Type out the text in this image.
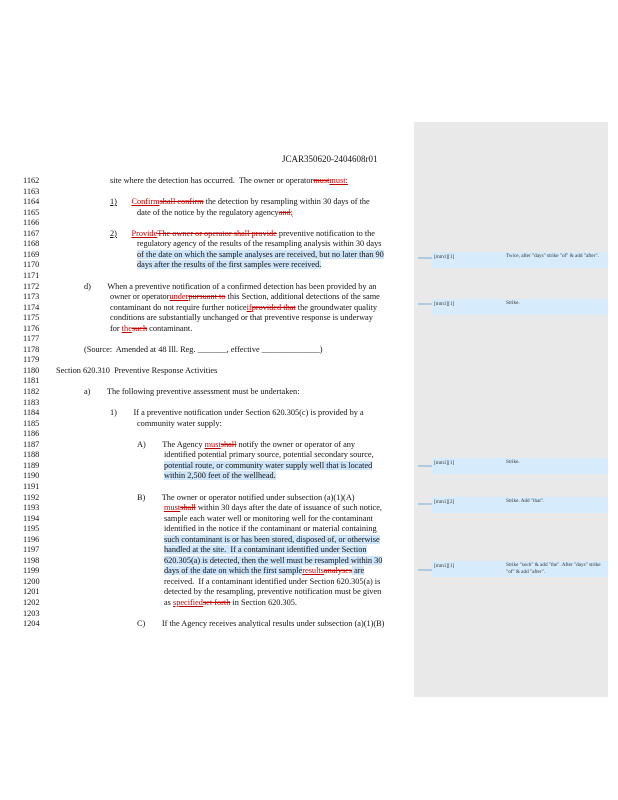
JCAR350620-2404608r01
1162	site where the detection has occurred.  The owner or operatormustmust:
1163
1164	1) Confirmshall confirm the detection by resampling within 30 days of the
1165	date of the notice by the regulatory agencyand;
1166
1167	2) ProvideThe owner or operator shall provide preventive notification to the
1168	regulatory agency of the results of the resampling analysis within 30 days
1169	of the date on which the sample analyses are received, but no later than 90
1170	days after the results of the first samples were received.
1171
1172	d)        When a preventive notification of a confirmed detection has been provided by an
1173	owner or operatorunderpursuant to this Section, additional detections of the same
1174	contaminant do not require further noticeifprovided that the groundwater quality
1175	conditions are substantially unchanged or that preventive response is underway
1176	for thesuch contaminant.
1177
1178	(Source:  Amended at 48 Ill. Reg. _______, effective ______________)
1179
1180	Section 620.310  Preventive Response Activities
1181
1182	a)        The following preventive assessment must be undertaken:
1183
1184	1)        If a preventive notification under Section 620.305(c) is provided by a
1185	community water supply:
1186
1187	A)        The Agency mustshall notify the owner or operator of any
1188	identified potential primary source, potential secondary source,
1189	potential route, or community water supply well that is located
1190	within 2,500 feet of the wellhead.
1191
1192	B)        The owner or operator notified under subsection (a)(1)(A)
1193	mustshall within 30 days after the date of issuance of such notice,
1194	sample each water well or monitoring well for the contaminant
1195	identified in the notice if the contaminant or material containing
1196	such contaminant is or has been stored, disposed of, or otherwise
1197	handled at the site.  If a contaminant identified under Section
1198	620.305(a) is detected, then the well must be resampled within 30
1199	days of the date on which the first sampleresultsanalyses are
1200	received.  If a contaminant identified under Section 620.305(a) is
1201	detected by the resampling, preventive notification must be given
1202	as specifiedset forth in Section 620.305.
1203
1204	C)        If the Agency receives analytical results under subsection (a)(1)(B)
[mm1][1]	Twice, after "days" strike "of" & add "after".
[mm1][1]	Strike.
[mm1][1]	Strike.
[mm1][2]	Strike. Add "that".
[mm1][1]	Strike "such" & add "the". After "days" strike "of" & add "after".
